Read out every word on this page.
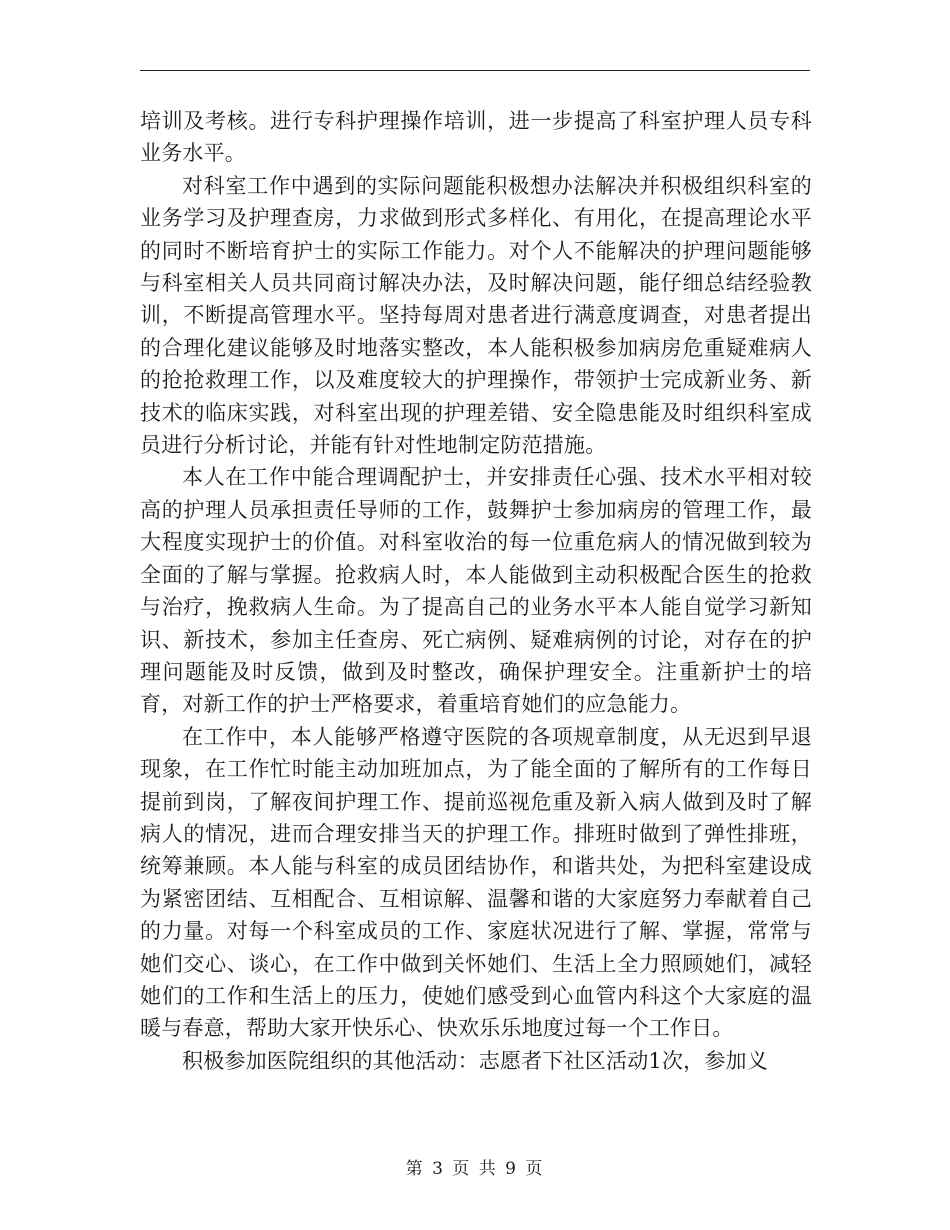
培训及考核。进行专科护理操作培训，进一步提高了科室护理人员专科业务水平。

对科室工作中遇到的实际问题能积极想办法解决并积极组织科室的业务学习及护理查房，力求做到形式多样化、有用化，在提高理论水平的同时不断培育护士的实际工作能力。对个人不能解决的护理问题能够与科室相关人员共同商讨解决办法，及时解决问题，能仔细总结经验教训，不断提高管理水平。坚持每周对患者进行满意度调查，对患者提出的合理化建议能够及时地落实整改，本人能积极参加病房危重疑难病人的抢抢救理工作，以及难度较大的护理操作，带领护士完成新业务、新技术的临床实践，对科室出现的护理差错、安全隐患能及时组织科室成员进行分析讨论，并能有针对性地制定防范措施。

本人在工作中能合理调配护士，并安排责任心强、技术水平相对较高的护理人员承担责任导师的工作，鼓舞护士参加病房的管理工作，最大程度实现护士的价值。对科室收治的每一位重危病人的情况做到较为全面的了解与掌握。抢救病人时，本人能做到主动积极配合医生的抢救与治疗，挽救病人生命。为了提高自己的业务水平本人能自觉学习新知识、新技术，参加主任查房、死亡病例、疑难病例的讨论，对存在的护理问题能及时反馈，做到及时整改，确保护理安全。注重新护士的培育，对新工作的护士严格要求，着重培育她们的应急能力。

在工作中，本人能够严格遵守医院的各项规章制度，从无迟到早退现象，在工作忙时能主动加班加点，为了能全面的了解所有的工作每日提前到岗，了解夜间护理工作、提前巡视危重及新入病人做到及时了解病人的情况，进而合理安排当天的护理工作。排班时做到了弹性排班，统筹兼顾。本人能与科室的成员团结协作，和谐共处，为把科室建设成为紧密团结、互相配合、互相谅解、温馨和谐的大家庭努力奉献着自己的力量。对每一个科室成员的工作、家庭状况进行了解、掌握，常常与她们交心、谈心，在工作中做到关怀她们、生活上全力照顾她们，减轻她们的工作和生活上的压力，使她们感受到心血管内科这个大家庭的温暖与春意，帮助大家开快乐心、快欢乐乐地度过每一个工作日。

积极参加医院组织的其他活动：志愿者下社区活动1次，参加义

第 3 页 共 9 页
